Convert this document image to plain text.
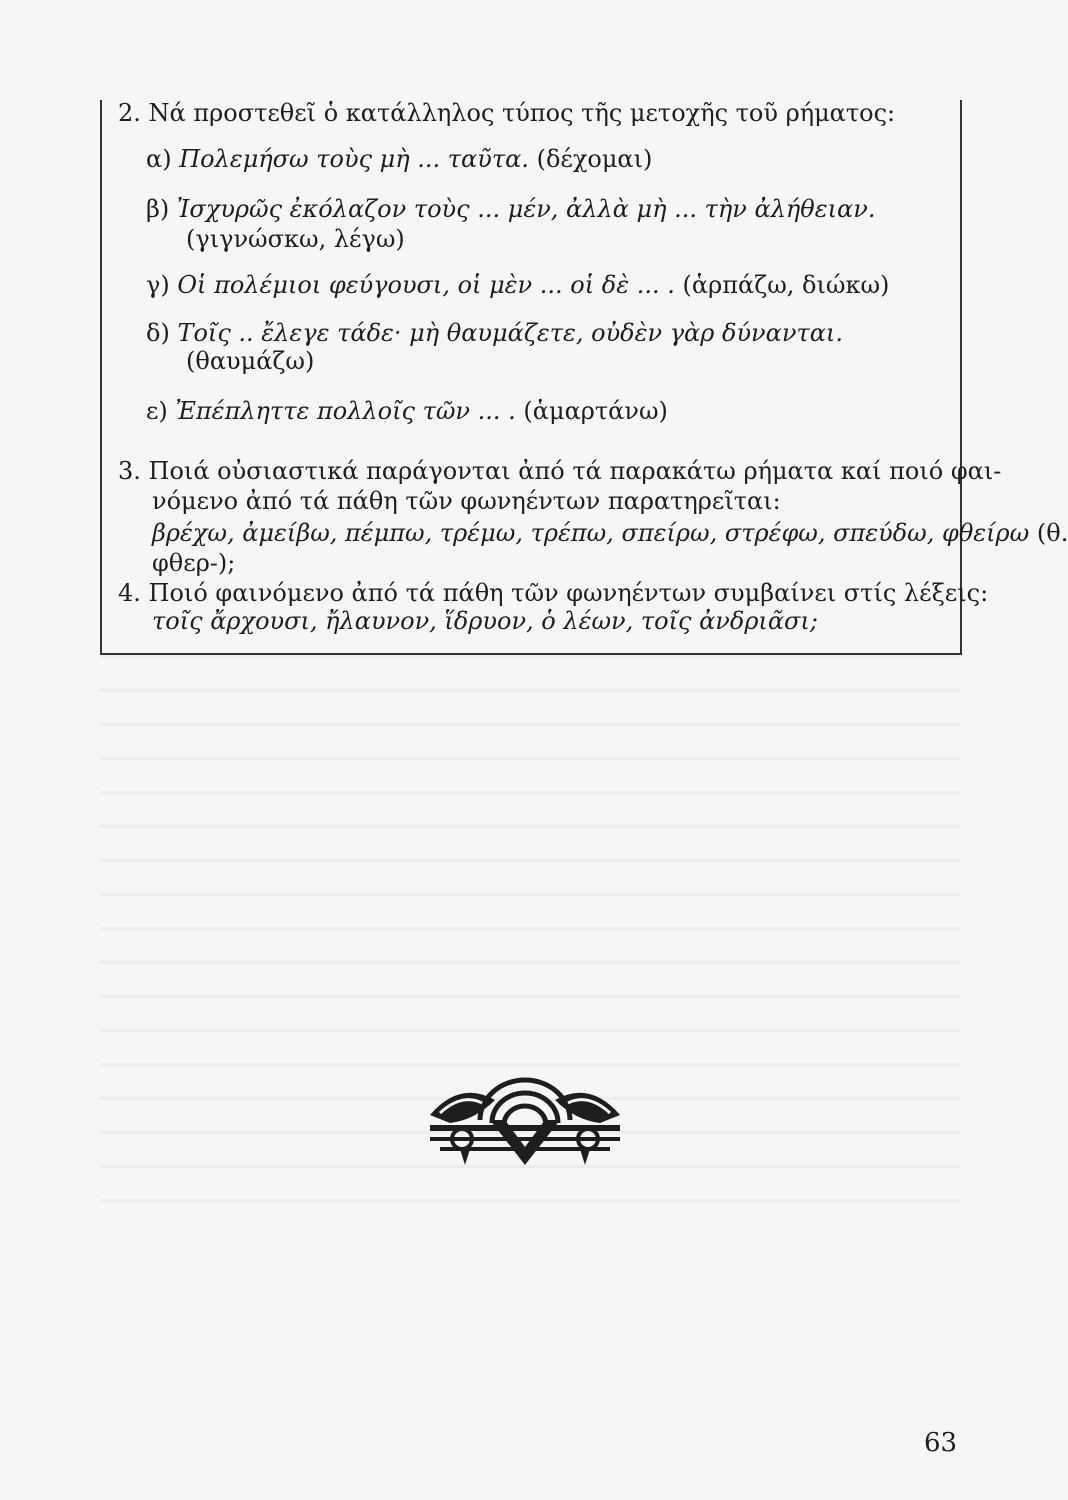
2. Νά προστεθεῖ ὁ κατάλληλος τύπος τῆς μετοχῆς τοῦ ρήματος:
α) Πολεμήσω τοὺς μὴ ... ταῦτα. (δέχομαι)
β) Ἰσχυρῶς ἐκόλαζον τοὺς ... μέν, ἀλλὰ μὴ ... τὴν ἀλήθειαν.
(γιγνώσκω, λέγω)
γ) Οἱ πολέμιοι φεύγουσι, οἱ μὲν ... οἱ δὲ ... . (ἁρπάζω, διώκω)
δ) Τοῖς .. ἔλεγε τάδε· μὴ θαυμάζετε, οὐδὲν γὰρ δύνανται.
(θαυμάζω)
ε) Ἐπέπληττε πολλοῖς τῶν ... . (ἁμαρτάνω)
3. Ποιά οὐσιαστικά παράγονται ἀπό τά παρακάτω ρήματα καί ποιό φαι-
νόμενο ἀπό τά πάθη τῶν φωνηέντων παρατηρεῖται:
βρέχω, ἀμείβω, πέμπω, τρέμω, τρέπω, σπείρω, στρέφω, σπεύδω, φθείρω (θ.
φθερ-);
4. Ποιό φαινόμενο ἀπό τά πάθη τῶν φωνηέντων συμβαίνει στίς λέξεις:
τοῖς ἄρχουσι, ἤλαυνον, ἵδρυον, ὁ λέων, τοῖς ἀνδριᾶσι;
63
